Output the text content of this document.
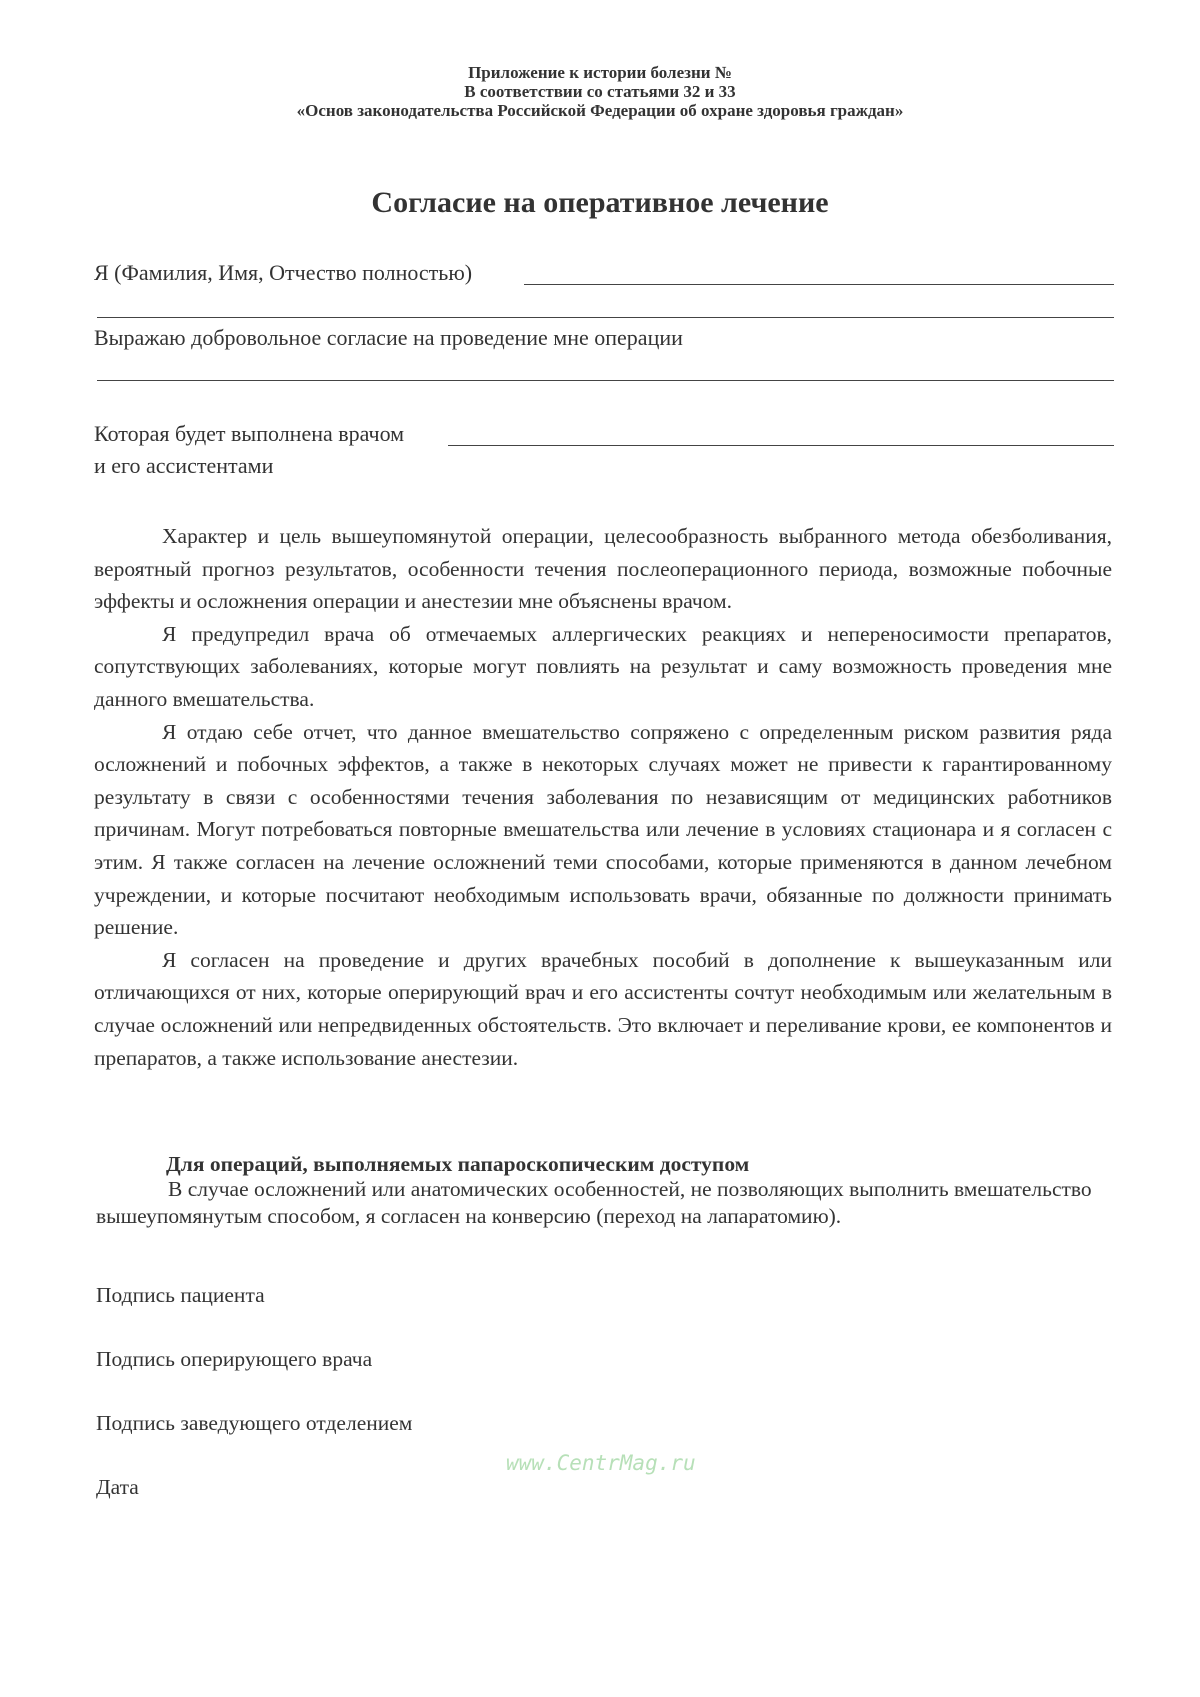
Приложение к истории болезни №
В соответствии со статьями 32 и 33
«Основ законодательства Российской Федерации об охране здоровья граждан»
Согласие на оперативное лечение
Я (Фамилия, Имя, Отчество полностью)
Выражаю добровольное согласие на проведение мне операции
Которая будет выполнена врачом
и его ассистентами

Характер и цель вышеупомянутой операции, целесообразность выбранного метода обезболивания, вероятный прогноз результатов, особенности течения послеоперационного периода, возможные побочные эффекты и осложнения операции и анестезии мне объяснены врачом.

Я предупредил врача об отмечаемых аллергических реакциях и непереносимости препаратов, сопутствующих заболеваниях, которые могут повлиять на результат и саму возможность проведения мне данного вмешательства.

Я отдаю себе отчет, что данное вмешательство сопряжено с определенным риском развития ряда осложнений и побочных эффектов, а также в некоторых случаях может не привести к гарантированному результату в связи с особенностями течения заболевания по независящим от медицинских работников причинам. Могут потребоваться повторные вмешательства или лечение в условиях стационара и я согласен с этим. Я также согласен на лечение осложнений теми способами, которые применяются в данном лечебном учреждении, и которые посчитают необходимым использовать врачи, обязанные по должности принимать решение.

Я согласен на проведение и других врачебных пособий в дополнение к вышеуказанным или отличающихся от них, которые оперирующий врач и его ассистенты сочтут необходимым или желательным в случае осложнений или непредвиденных обстоятельств. Это включает и переливание крови, ее компонентов и препаратов, а также использование анестезии.

Для операций, выполняемых папароскопическим доступом

В случае осложнений или анатомических особенностей, не позволяющих выполнить вмешательство вышеупомянутым способом, я согласен на конверсию (переход на лапаратомию).

Подпись пациента
Подпись оперирующего врача
Подпись заведующего отделением
Дата
www.CentrMag.ru
